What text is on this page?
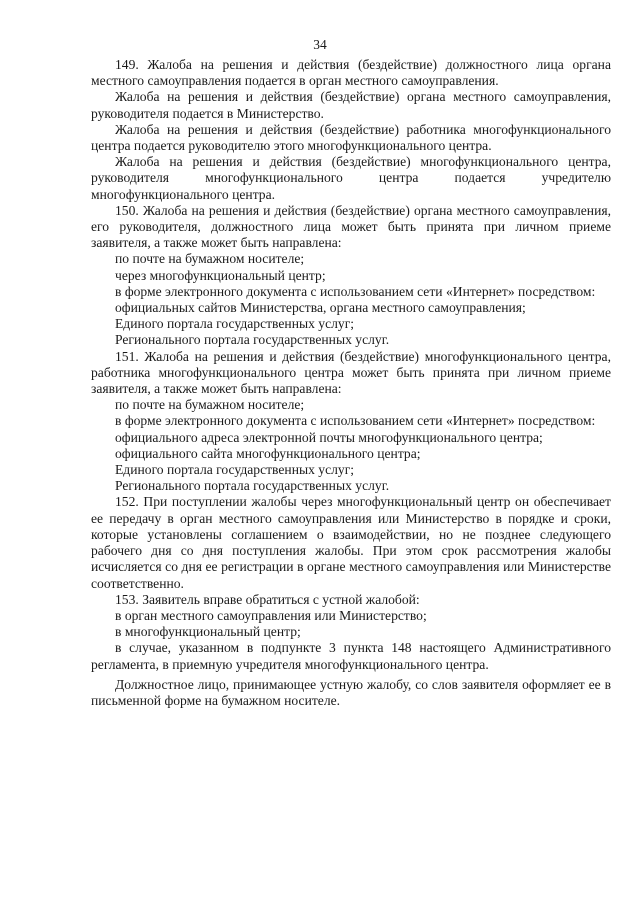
34

149. Жалоба на решения и действия (бездействие) должностного лица органа местного самоуправления подается в орган местного самоуправления.

Жалоба на решения и действия (бездействие) органа местного самоуправления, руководителя подается в Министерство.

Жалоба на решения и действия (бездействие) работника многофункционального центра подается руководителю этого многофункционального центра.

Жалоба на решения и действия (бездействие) многофункционального центра, руководителя многофункционального центра подается учредителю многофункционального центра.

150. Жалоба на решения и действия (бездействие) органа местного самоуправления, его руководителя, должностного лица может быть принята при личном приеме заявителя, а также может быть направлена:

по почте на бумажном носителе;

через многофункциональный центр;

в форме электронного документа с использованием сети «Интернет» посредством:

официальных сайтов Министерства, органа местного самоуправления;

Единого портала государственных услуг;

Регионального портала государственных услуг.

151. Жалоба на решения и действия (бездействие) многофункционального центра, работника многофункционального центра может быть принята при личном приеме заявителя, а также может быть направлена:

по почте на бумажном носителе;

в форме электронного документа с использованием сети «Интернет» посредством:

официального адреса электронной почты многофункционального центра;

официального сайта многофункционального центра;

Единого портала государственных услуг;

Регионального портала государственных услуг.

152. При поступлении жалобы через многофункциональный центр он обеспечивает ее передачу в орган местного самоуправления или Министерство в порядке и сроки, которые установлены соглашением о взаимодействии, но не позднее следующего рабочего дня со дня поступления жалобы. При этом срок рассмотрения жалобы исчисляется со дня ее регистрации в органе местного самоуправления или Министерстве соответственно.

153. Заявитель вправе обратиться с устной жалобой:

в орган местного самоуправления или Министерство;

в многофункциональный центр;

в случае, указанном в подпункте 3 пункта 148 настоящего Административного регламента, в приемную учредителя многофункционального центра.

Должностное лицо, принимающее устную жалобу, со слов заявителя оформляет ее в письменной форме на бумажном носителе.
